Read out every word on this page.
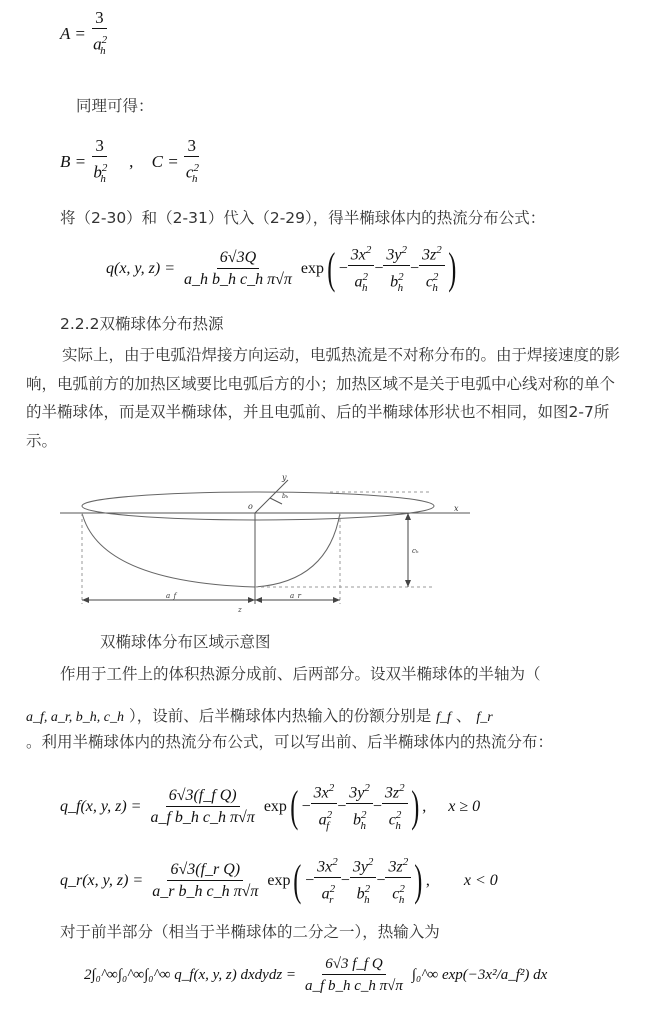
$A = \frac{3}{a^2_h}$
同理可得：
$B = \frac{3}{b^2_h}$ , $C = \frac{3}{c^2_h}$
将（2-30）和（2-31）代入（2-29），得半椭球体内的热流分布公式：
q(x, y, $z) = \frac{6√3Q}{\text{a\_h b\_h c\_h π√π}}$ exp ( − $\frac{3x^2}{a^2_h} - \frac{3y^2}{b^2_h} - \frac{3z^2}{c^2_h}$ )
2.2.2双椭球体分布热源
实际上，由于电弧沿焊接方向运动，电弧热流是不对称分布的。由于焊接速度的影响，电弧前方的加热区域要比电弧后方的小；加热区域不是关于电弧中心线对称的单个的半椭球体，而是双半椭球体，并且电弧前、后的半椭球体形状也不相同，如图2-7所示。
y
o	x
cₕ
bₕ
a_f	a_r
z
双椭球体分布区域示意图
作用于工件上的体积热源分成前、后两部分。设双半椭球体的半轴为（
a_f, a_r, b_h, c_h ），设前、后半椭球体内热输入的份额分别是 f_f 、 f_r
。利用半椭球体内的热流分布公式，可以写出前、后半椭球体内的热流分布：
q_f(x, y, $z) = \frac{\text{6√3(f\_f Q)}}{\text{a\_f b\_h c\_h π√π}}$ exp ( − $\frac{3x^2}{a^2_f} - \frac{3y^2}{b^2_h} - \frac{3z^2}{c^2_h}$ ) , x ≥ 0
q_r(x, y, $z) = \frac{\text{6√3(f\_r Q)}}{\text{a\_r b\_h c\_h π√π}}$ exp ( − $\frac{3x^2}{a^2_r} - \frac{3y^2}{b^2_h} - \frac{3z^2}{c^2_h}$ ) , x < 0
对于前半部分（相当于半椭球体的二分之一），热输入为
2∫₀^∞∫₀^∞∫₀^∞ q_f(x, y, z) dxdydz = $\frac{\text{6√3 f\_f Q}}{\text{a\_f b\_h c\_h π√π}}$ ∫₀^∞ exp(−3x²/a_f²) dx
